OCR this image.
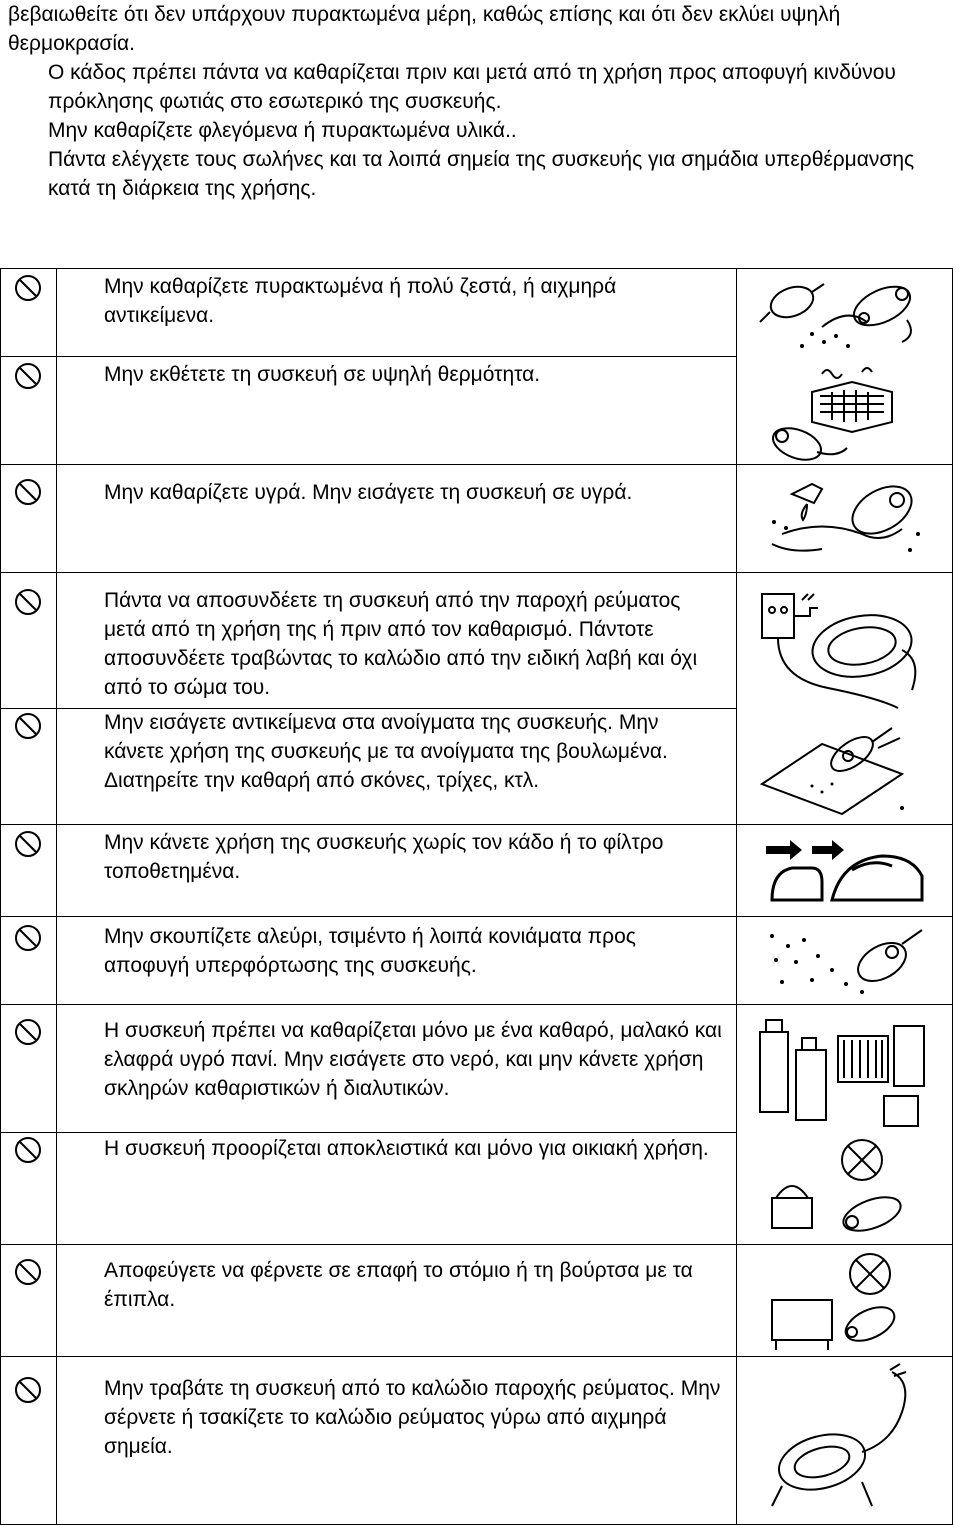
βεβαιωθείτε ότι δεν υπάρχουν πυρακτωμένα μέρη, καθώς επίσης και ότι δεν εκλύει υψηλή θερμοκρασία.

Ο κάδος πρέπει πάντα να καθαρίζεται πριν και μετά από τη χρήση προς αποφυγή κινδύνου πρόκλησης φωτιάς στο εσωτερικό της συσκευής.

Μην καθαρίζετε φλεγόμενα ή πυρακτωμένα υλικά..

Πάντα ελέγχετε τους σωλήνες και τα λοιπά σημεία της συσκευής για σημάδια υπερθέρμανσης κατά τη διάρκεια της χρήσης.

Μην καθαρίζετε πυρακτωμένα ή πολύ ζεστά, ή αιχμηρά αντικείμενα.
Μην εκθέτετε τη συσκευή σε υψηλή θερμότητα.
Μην καθαρίζετε υγρά. Μην εισάγετε τη συσκευή σε υγρά.
Πάντα να αποσυνδέετε τη συσκευή από την παροχή ρεύματος μετά από τη χρήση της ή πριν από τον καθαρισμό. Πάντοτε αποσυνδέετε τραβώντας το καλώδιο από την ειδική λαβή και όχι από το σώμα του.
Μην εισάγετε αντικείμενα στα ανοίγματα της συσκευής. Μην κάνετε χρήση της συσκευής με τα ανοίγματα της βουλωμένα. Διατηρείτε την καθαρή από σκόνες, τρίχες, κτλ.
Μην κάνετε χρήση της συσκευής χωρίς τον κάδο ή το φίλτρο τοποθετημένα.
Μην σκουπίζετε αλεύρι, τσιμέντο ή λοιπά κονιάματα προς αποφυγή υπερφόρτωσης της συσκευής.
Η συσκευή πρέπει να καθαρίζεται μόνο με ένα καθαρό, μαλακό και ελαφρά υγρό πανί. Μην εισάγετε στο νερό, και μην κάνετε χρήση σκληρών καθαριστικών ή διαλυτικών.
Η συσκευή προορίζεται αποκλειστικά και μόνο για οικιακή χρήση.
Αποφεύγετε να φέρνετε σε επαφή το στόμιο ή τη βούρτσα με τα έπιπλα.
Μην τραβάτε τη συσκευή από το καλώδιο παροχής ρεύματος. Μην σέρνετε ή τσακίζετε το καλώδιο ρεύματος γύρω από αιχμηρά σημεία.
